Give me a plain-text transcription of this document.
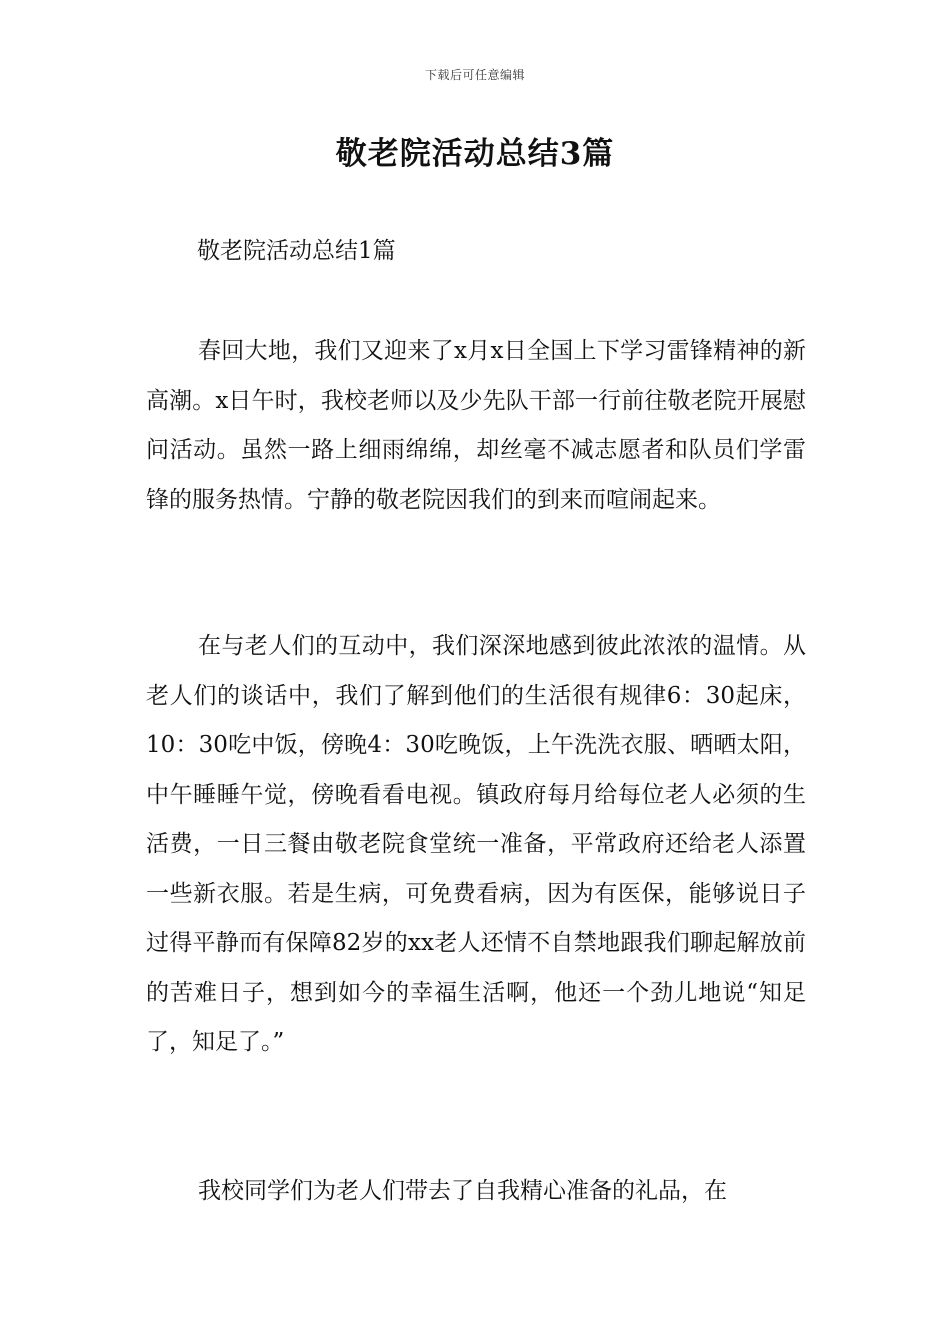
下载后可任意编辑
敬老院活动总结3篇
敬老院活动总结1篇

春回大地，我们又迎来了x月x日全国上下学习雷锋精神的新高潮。x日午时，我校老师以及少先队干部一行前往敬老院开展慰问活动。虽然一路上细雨绵绵，却丝毫不减志愿者和队员们学雷锋的服务热情。宁静的敬老院因我们的到来而喧闹起来。

在与老人们的互动中，我们深深地感到彼此浓浓的温情。从老人们的谈话中，我们了解到他们的生活很有规律6：30起床，10：30吃中饭，傍晚4：30吃晚饭，上午洗洗衣服、晒晒太阳，中午睡睡午觉，傍晚看看电视。镇政府每月给每位老人必须的生活费，一日三餐由敬老院食堂统一准备，平常政府还给老人添置一些新衣服。若是生病，可免费看病，因为有医保，能够说日子过得平静而有保障82岁的xx老人还情不自禁地跟我们聊起解放前的苦难日子，想到如今的幸福生活啊，他还一个劲儿地说“知足了，知足了。”

我校同学们为老人们带去了自我精心准备的礼品，在
